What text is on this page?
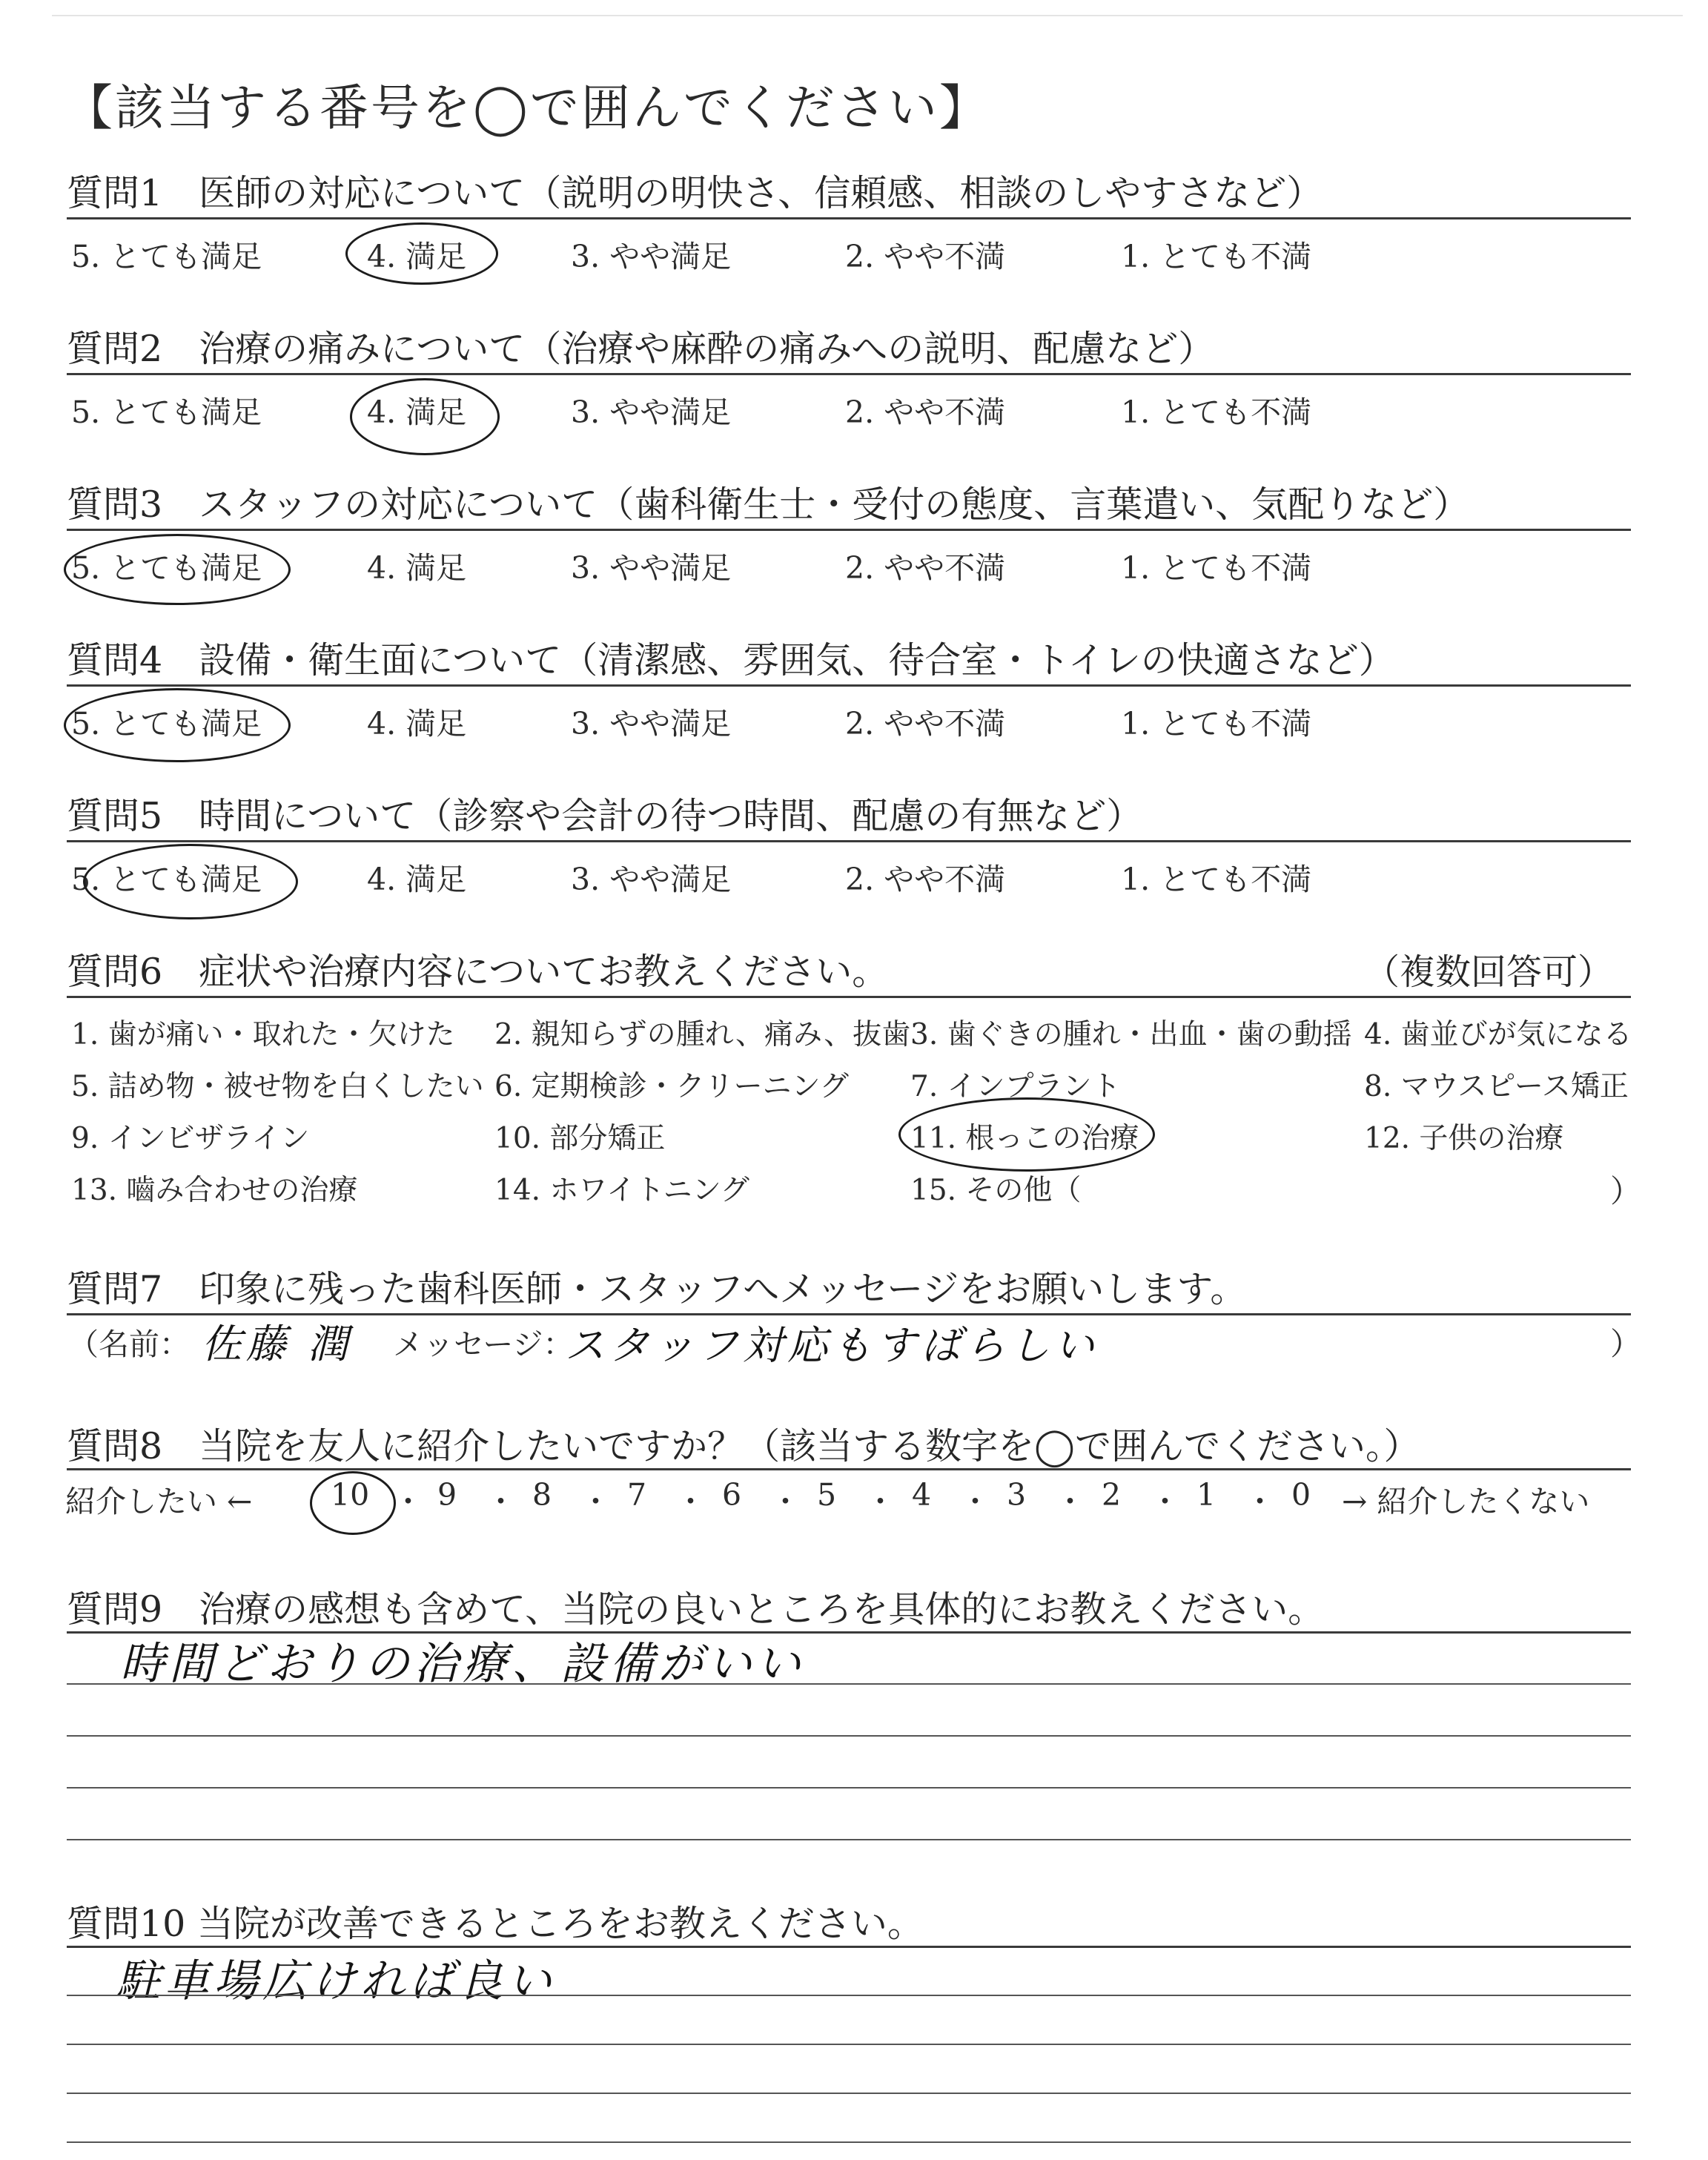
【該当する番号を◯で囲んでください】
質問1　医師の対応について（説明の明快さ、信頼感、相談のしやすさなど）
5. とても満足	4. 満足	3. やや満足	2. やや不満	1. とても不満
質問2　治療の痛みについて（治療や麻酔の痛みへの説明、配慮など）
5. とても満足	4. 満足	3. やや満足	2. やや不満	1. とても不満
質問3　スタッフの対応について（歯科衛生士・受付の態度、言葉遣い、気配りなど）
5. とても満足	4. 満足	3. やや満足	2. やや不満	1. とても不満
質問4　設備・衛生面について（清潔感、雰囲気、待合室・トイレの快適さなど）
5. とても満足	4. 満足	3. やや満足	2. やや不満	1. とても不満
質問5　時間について（診察や会計の待つ時間、配慮の有無など）
5. とても満足	4. 満足	3. やや満足	2. やや不満	1. とても不満
質問6　症状や治療内容についてお教えください。	（複数回答可）
1. 歯が痛い・取れた・欠けた 2. 親知らずの腫れ、痛み、抜歯 3. 歯ぐきの腫れ・出血・歯の動揺 4. 歯並びが気になる
5. 詰め物・被せ物を白くしたい 6. 定期検診・クリーニング 7. インプラント	8. マウスピース矯正
9. インビザライン	10. 部分矯正	11. 根っこの治療	12. 子供の治療
13. 嚙み合わせの治療	14. ホワイトニング	15. その他（	）
質問7　印象に残った歯科医師・スタッフへメッセージをお願いします。
（名前： 佐藤 潤 メッセージ：
スタッフ対応もすばらしい	）
質問8　当院を友人に紹介したいですか？（該当する数字を◯で囲んでください。）
紹介したい ←	10 ・ 9 ・ 8 ・ 7 ・ 6 ・ 5 ・ 4 ・ 3 ・ 2 ・ 1 ・ 0 → 紹介したくない
質問9　治療の感想も含めて、当院の良いところを具体的にお教えください。
時間どおりの治療、設備がいい
質問10 当院が改善できるところをお教えください。
駐車場広ければ良い
